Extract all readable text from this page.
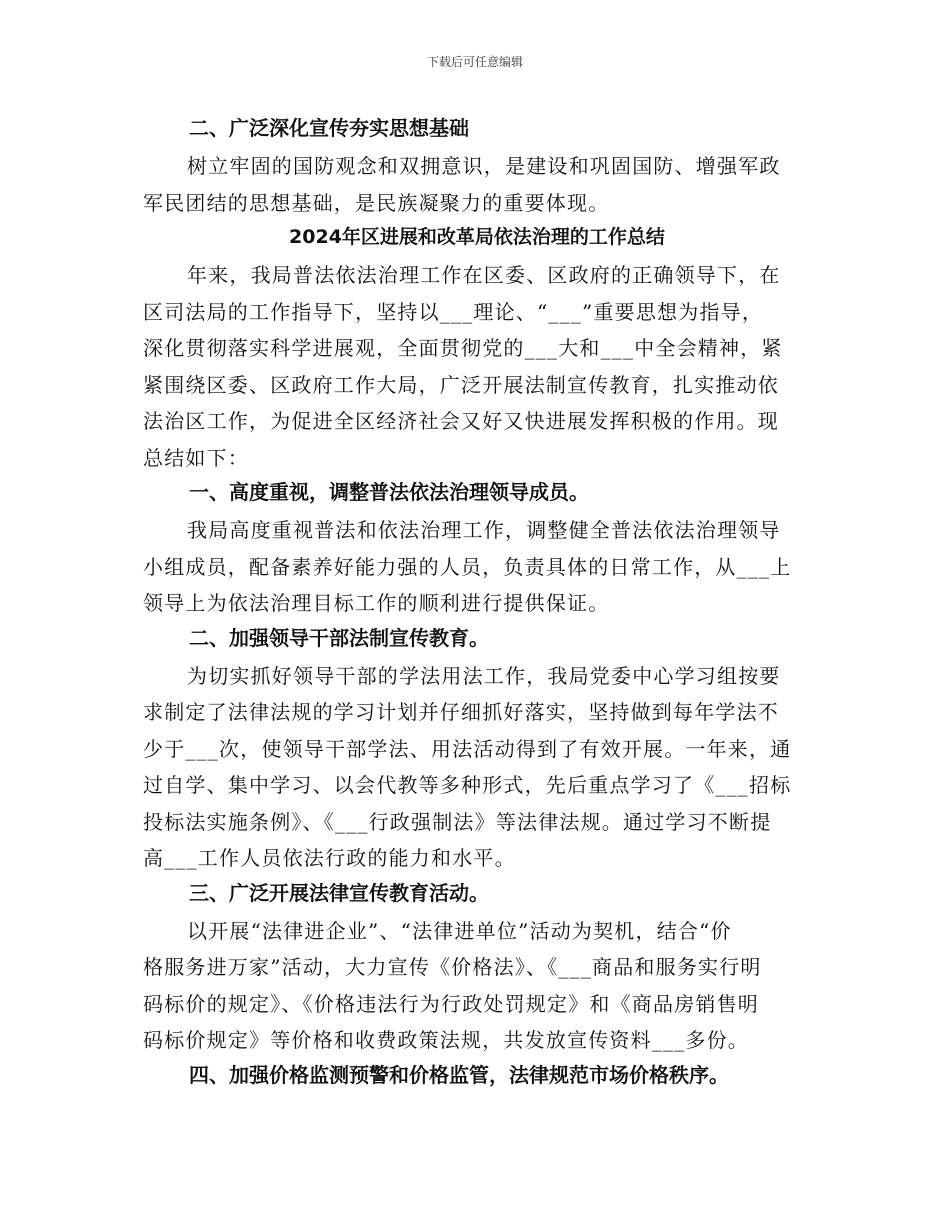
下载后可任意编辑
二、广泛深化宣传夯实思想基础
树立牢固的国防观念和双拥意识，是建设和巩固国防、增强军政
军民团结的思想基础，是民族凝聚力的重要体现。
2024年区进展和改革局依法治理的工作总结
年来，我局普法依法治理工作在区委、区政府的正确领导下，在
区司法局的工作指导下，坚持以___理论、“___”重要思想为指导，
深化贯彻落实科学进展观，全面贯彻党的___大和___中全会精神，紧
紧围绕区委、区政府工作大局，广泛开展法制宣传教育，扎实推动依
法治区工作，为促进全区经济社会又好又快进展发挥积极的作用。现
总结如下：
一、高度重视，调整普法依法治理领导成员。
我局高度重视普法和依法治理工作，调整健全普法依法治理领导
小组成员，配备素养好能力强的人员，负责具体的日常工作，从___上
领导上为依法治理目标工作的顺利进行提供保证。
二、加强领导干部法制宣传教育。
为切实抓好领导干部的学法用法工作，我局党委中心学习组按要
求制定了法律法规的学习计划并仔细抓好落实，坚持做到每年学法不
少于___次，使领导干部学法、用法活动得到了有效开展。一年来，通
过自学、集中学习、以会代教等多种形式，先后重点学习了《___招标
投标法实施条例》、《___行政强制法》等法律法规。通过学习不断提
高___工作人员依法行政的能力和水平。
三、广泛开展法律宣传教育活动。
以开展“法律进企业”、“法律进单位”活动为契机，结合“价
格服务进万家”活动，大力宣传《价格法》、《___商品和服务实行明
码标价的规定》、《价格违法行为行政处罚规定》和《商品房销售明
码标价规定》等价格和收费政策法规，共发放宣传资料___多份。
四、加强价格监测预警和价格监管，法律规范市场价格秩序。
